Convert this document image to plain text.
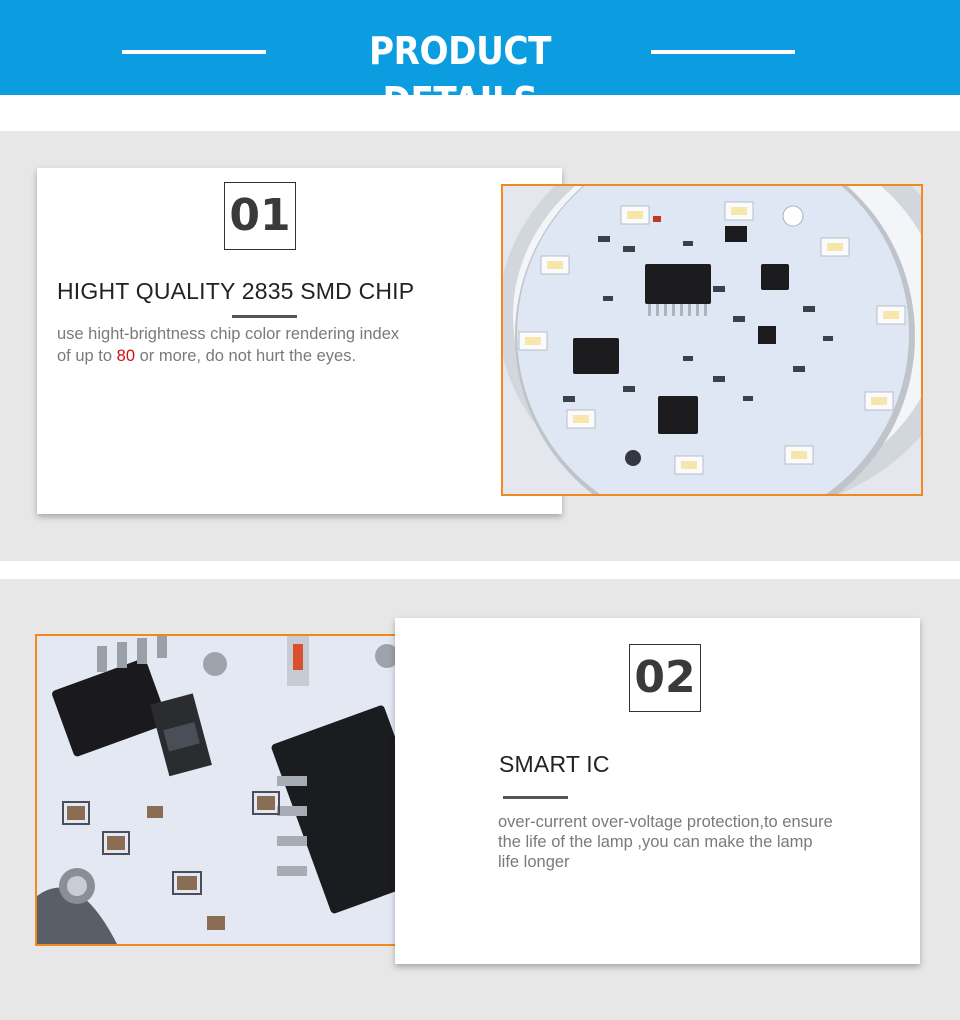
PRODUCT DETAILS
01
HIGHT QUALITY 2835 SMD CHIP
use hight-brightness chip color rendering index
of up to 80 or more, do not hurt the eyes.
02
SMART IC
over-current over-voltage protection,to ensure
the life of the lamp ,you can make the lamp
life longer
